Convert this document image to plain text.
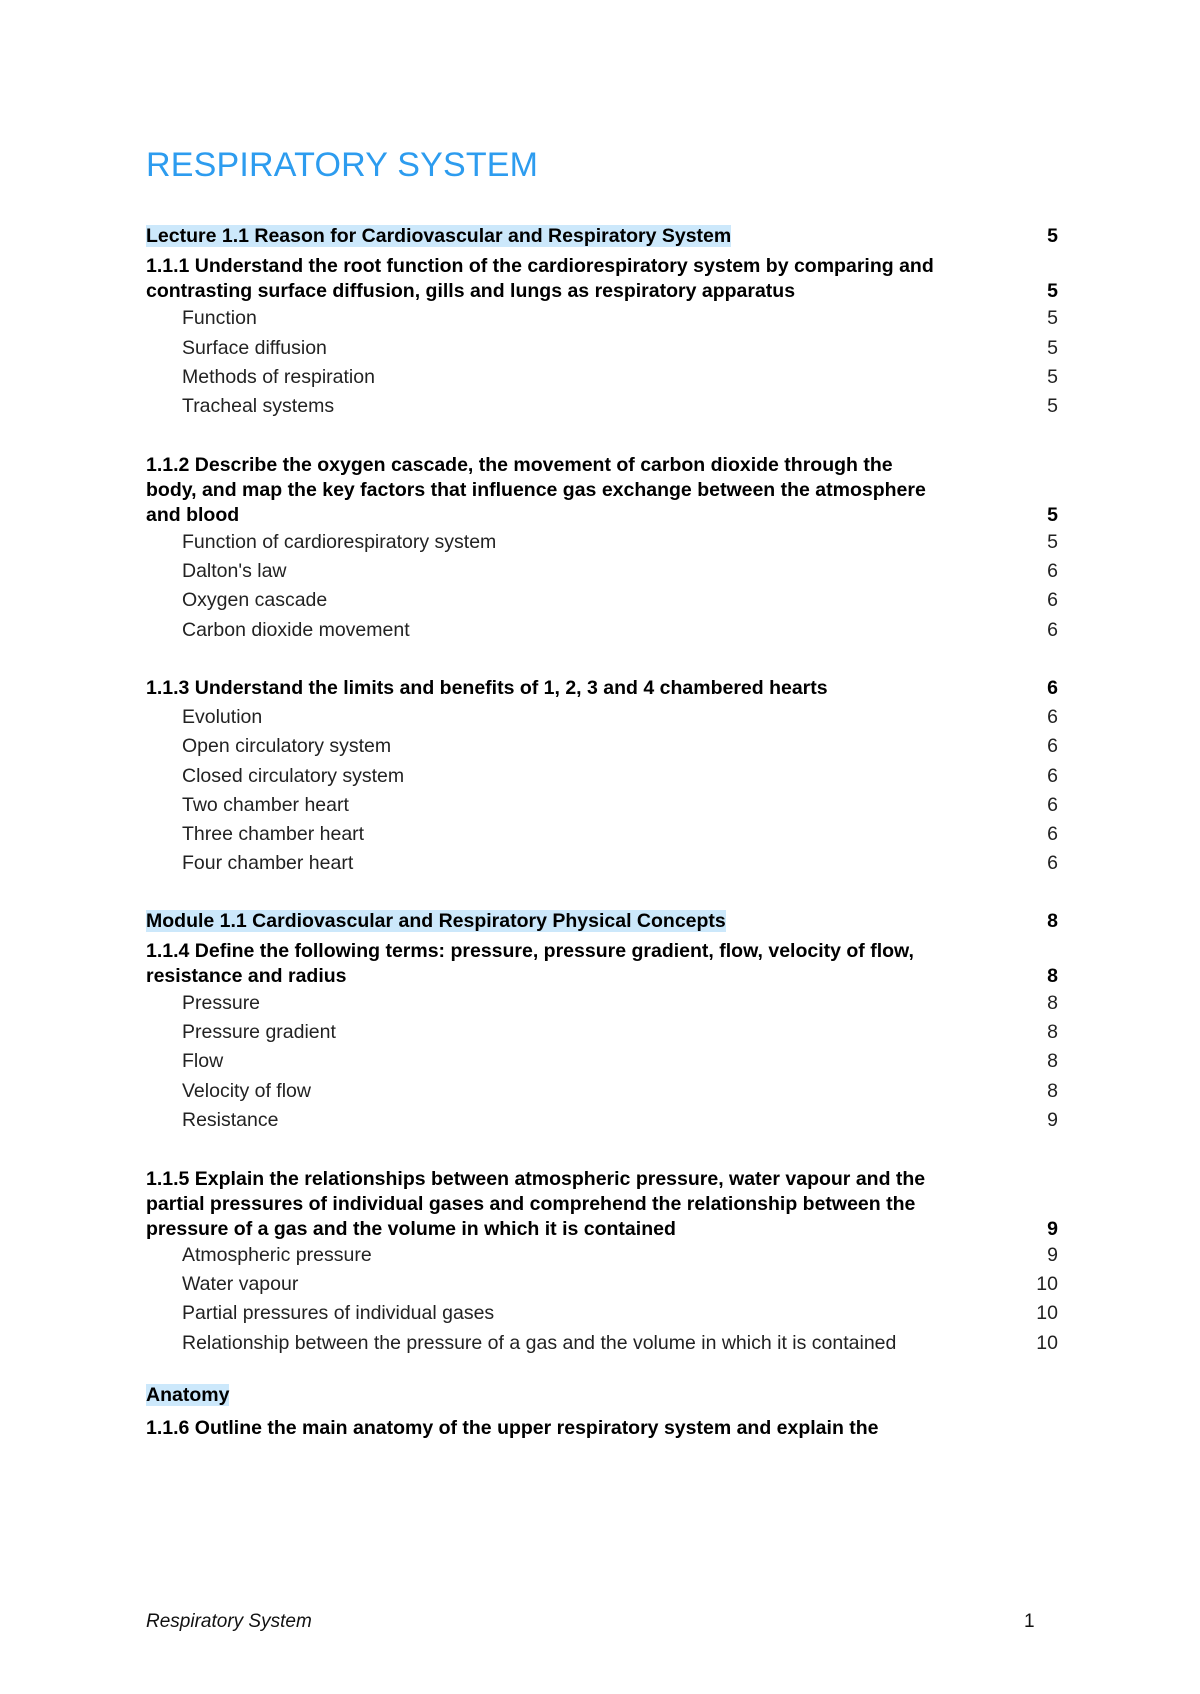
RESPIRATORY SYSTEM
Lecture 1.1 Reason for Cardiovascular and Respiratory System	5
1.1.1 Understand the root function of the cardiorespiratory system by comparing and
contrasting surface diffusion, gills and lungs as respiratory apparatus	5
Function	5
Surface diffusion	5
Methods of respiration	5
Tracheal systems	5
1.1.2 Describe the oxygen cascade, the movement of carbon dioxide through the
body, and map the key factors that influence gas exchange between the atmosphere
and blood	5
Function of cardiorespiratory system	5
Dalton's law	6
Oxygen cascade	6
Carbon dioxide movement	6
1.1.3 Understand the limits and benefits of 1, 2, 3 and 4 chambered hearts	6
Evolution	6
Open circulatory system	6
Closed circulatory system	6
Two chamber heart	6
Three chamber heart	6
Four chamber heart	6
Module 1.1 Cardiovascular and Respiratory Physical Concepts	8
1.1.4 Define the following terms: pressure, pressure gradient, flow, velocity of flow,
resistance and radius	8
Pressure	8
Pressure gradient	8
Flow	8
Velocity of flow	8
Resistance	9
1.1.5 Explain the relationships between atmospheric pressure, water vapour and the
partial pressures of individual gases and comprehend the relationship between the
pressure of a gas and the volume in which it is contained	9
Atmospheric pressure	9
Water vapour	10
Partial pressures of individual gases	10
Relationship between the pressure of a gas and the volume in which it is contained	10
Anatomy
1.1.6 Outline the main anatomy of the upper respiratory system and explain the
Respiratory System	1
